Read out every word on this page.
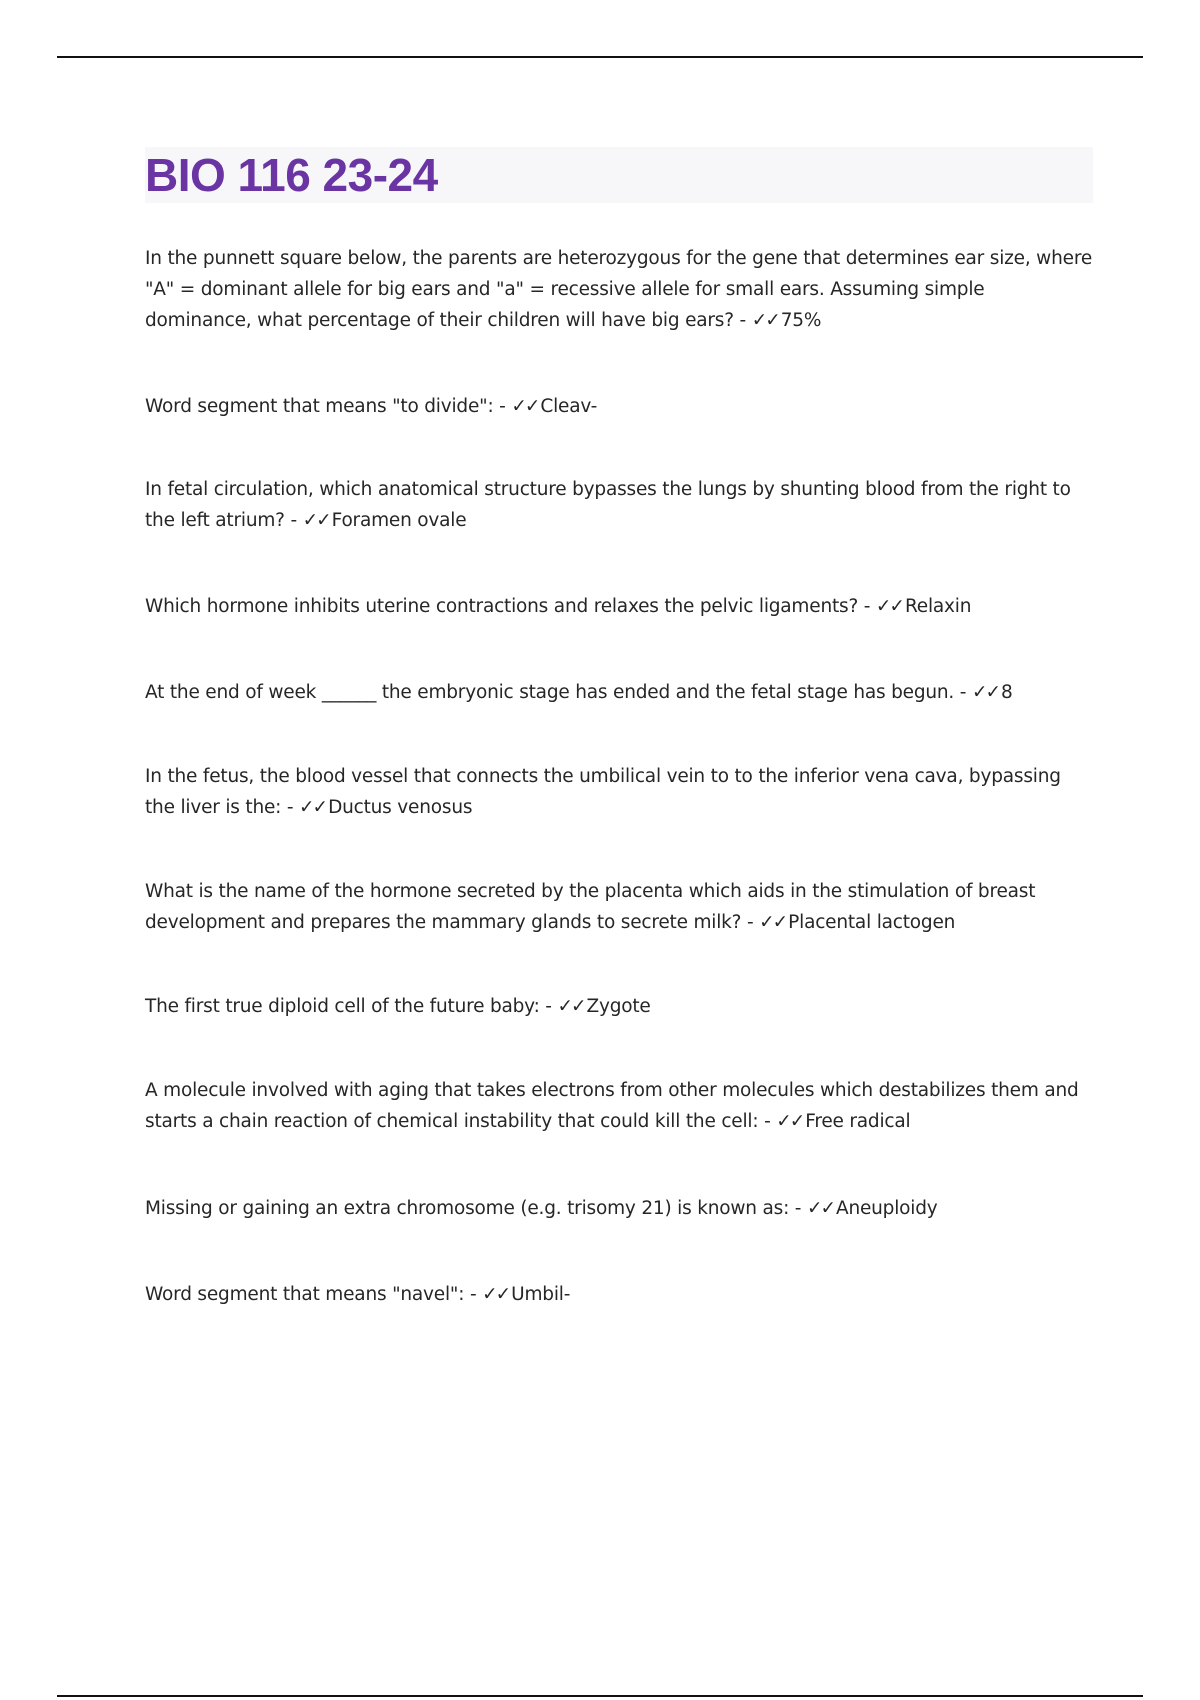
BIO 116 23-24
In the punnett square below, the parents are heterozygous for the gene that determines ear size, where "A" = dominant allele for big ears and "a" = recessive allele for small ears. Assuming simple dominance, what percentage of their children will have big ears? - ✓✓ 75%
Word segment that means "to divide": - ✓✓ Cleav-
In fetal circulation, which anatomical structure bypasses the lungs by shunting blood from the right to the left atrium? - ✓✓ Foramen ovale
Which hormone inhibits uterine contractions and relaxes the pelvic ligaments? - ✓✓ Relaxin
At the end of week ______ the embryonic stage has ended and the fetal stage has begun. - ✓✓ 8
In the fetus, the blood vessel that connects the umbilical vein to to the inferior vena cava, bypassing the liver is the: - ✓✓ Ductus venosus
What is the name of the hormone secreted by the placenta which aids in the stimulation of breast development and prepares the mammary glands to secrete milk? - ✓✓ Placental lactogen
The first true diploid cell of the future baby: - ✓✓ Zygote
A molecule involved with aging that takes electrons from other molecules which destabilizes them and starts a chain reaction of chemical instability that could kill the cell: - ✓✓ Free radical
Missing or gaining an extra chromosome (e.g. trisomy 21) is known as: - ✓✓ Aneuploidy
Word segment that means "navel": - ✓✓ Umbil-
